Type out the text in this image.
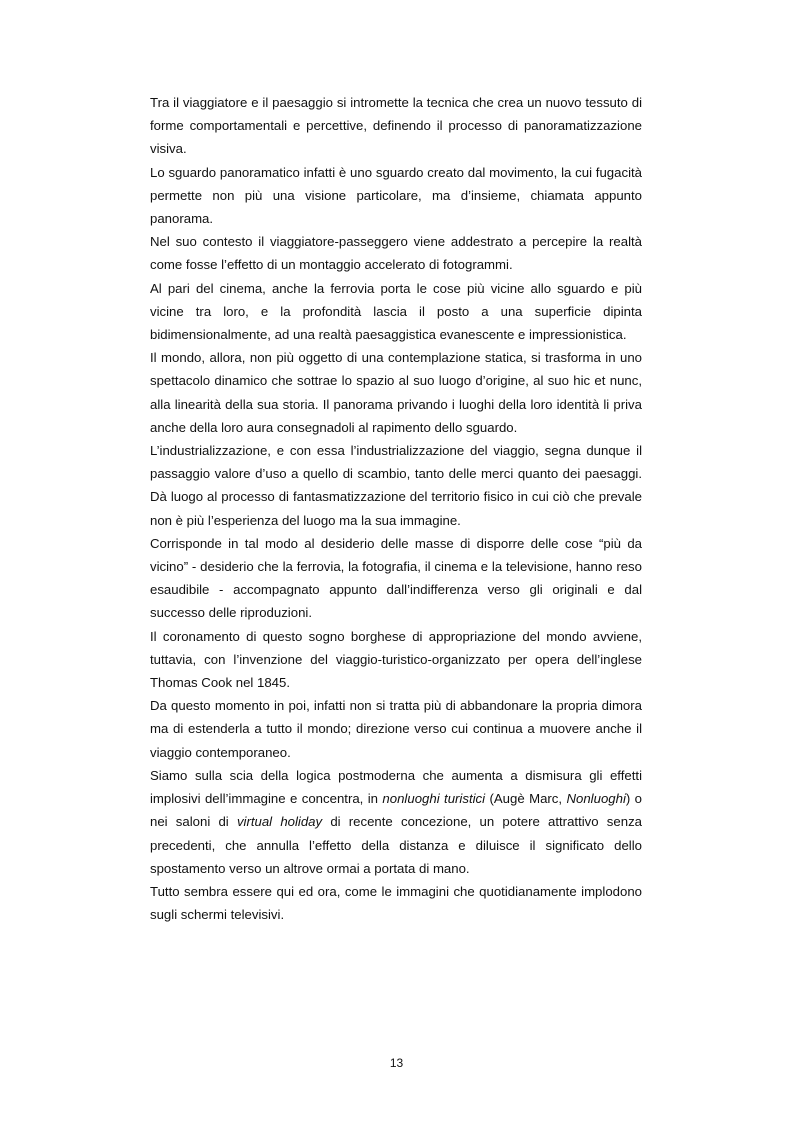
Tra il viaggiatore e il paesaggio si intromette la tecnica che crea un nuovo tessuto di forme comportamentali e percettive, definendo il processo di panoramatizzazione visiva.

Lo sguardo panoramatico infatti è uno sguardo creato dal movimento, la cui fugacità permette non più una visione particolare, ma d’insieme, chiamata appunto panorama.

Nel suo contesto il viaggiatore-passeggero viene addestrato a percepire la realtà come fosse l’effetto di un montaggio accelerato di fotogrammi.

Al pari del cinema, anche la ferrovia porta le cose più vicine allo sguardo e più vicine tra loro, e la profondità lascia il posto a una superficie dipinta bidimensionalmente, ad una realtà paesaggistica evanescente e impressionistica.

Il mondo, allora, non più oggetto di una contemplazione statica, si trasforma in uno spettacolo dinamico che sottrae lo spazio al suo luogo d’origine, al suo hic et nunc, alla linearità della sua storia. Il panorama privando i luoghi della loro identità li priva anche della loro aura consegnadoli al rapimento dello sguardo.

L’industrializzazione, e con essa l’industrializzazione del viaggio, segna dunque il passaggio valore d’uso a quello di scambio, tanto delle merci quanto dei paesaggi. Dà luogo al processo di fantasmatizzazione del territorio fisico in cui ciò che prevale non è più l’esperienza del luogo ma la sua immagine.

Corrisponde in tal modo al desiderio delle masse di disporre delle cose “più da vicino” - desiderio che la ferrovia, la fotografia, il cinema e la televisione, hanno reso esaudibile - accompagnato appunto dall’indifferenza verso gli originali e dal successo delle riproduzioni.

Il coronamento di questo sogno borghese di appropriazione del mondo avviene, tuttavia, con l’invenzione del viaggio-turistico-organizzato per opera dell’inglese Thomas Cook nel 1845.

Da questo momento in poi, infatti non si tratta più di abbandonare la propria dimora ma di estenderla a tutto il mondo; direzione verso cui continua a muovere anche il viaggio contemporaneo.

Siamo sulla scia della logica postmoderna che aumenta a dismisura gli effetti implosivi dell’immagine e concentra, in nonluoghi turistici (Augè Marc, Nonluoghi) o nei saloni di virtual holiday di recente concezione, un potere attrattivo senza precedenti, che annulla l’effetto della distanza e diluisce il significato dello spostamento verso un altrove ormai a portata di mano.

Tutto sembra essere qui ed ora, come le immagini che quotidianamente implodono sugli schermi televisivi.

13
